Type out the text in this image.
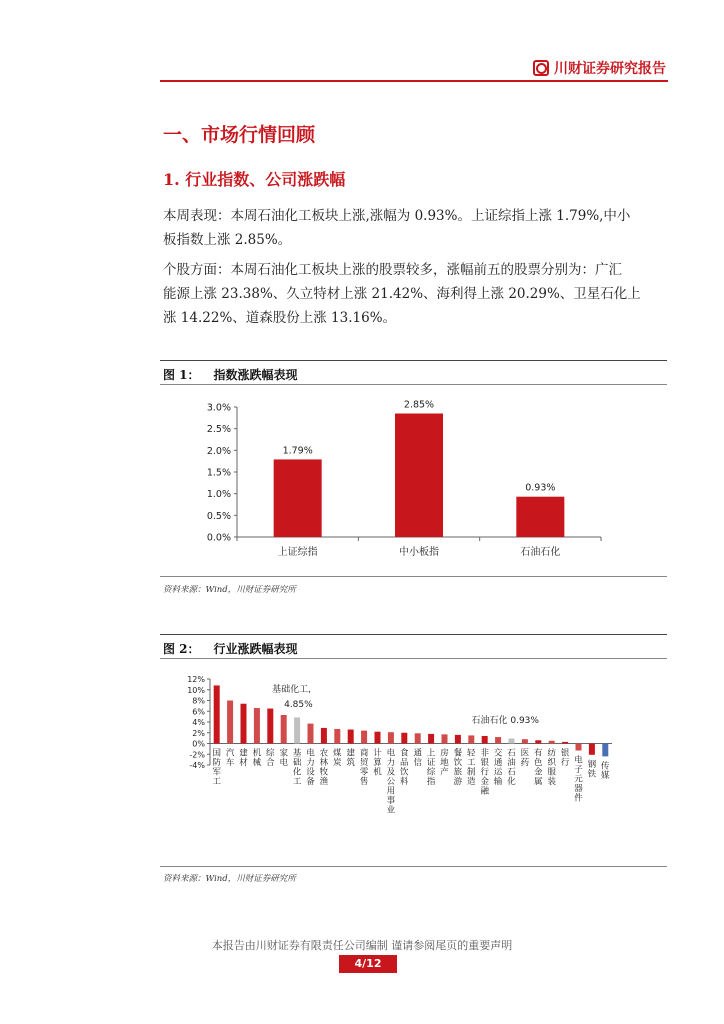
川财证券研究报告
一、市场行情回顾
1. 行业指数、公司涨跌幅
本周表现：本周石油化工板块上涨,涨幅为 0.93%。上证综指上涨 1.79%,中小
板指数上涨 2.85%。
个股方面：本周石油化工板块上涨的股票较多，涨幅前五的股票分别为：广汇
能源上涨 23.38%、久立特材上涨 21.42%、海利得上涨 20.29%、卫星石化上
涨 14.22%、道森股份上涨 13.16%。
图 1： 指数涨跌幅表现
0.0%
0.5%
1.0%
1.5%
2.0%
2.5%
3.0%
1.79%
上证综指
2.85%
中小板指
0.93%
石油石化
资料来源：Wind，川财证券研究所
图 2： 行业涨跌幅表现
-4%
-2%
0%
2%
4%
6%
8%
10%
12%
国防军工
汽车
建材
机械
综合
家电
基础化工
电力设备
农林牧渔
煤炭
建筑
商贸零售
计算机
电力及公用事业
食品饮料
通信
上证综指
房地产
餐饮旅游
轻工制造
非银行金融
交通运输
石油石化
医药
有色金属
纺织服装
银行 电子元器件
钢铁
传媒
基础化工,
4.85%
石油石化 0.93%
资料来源：Wind，川财证券研究所
本报告由川财证券有限责任公司编制 谨请参阅尾页的重要声明
4/12
